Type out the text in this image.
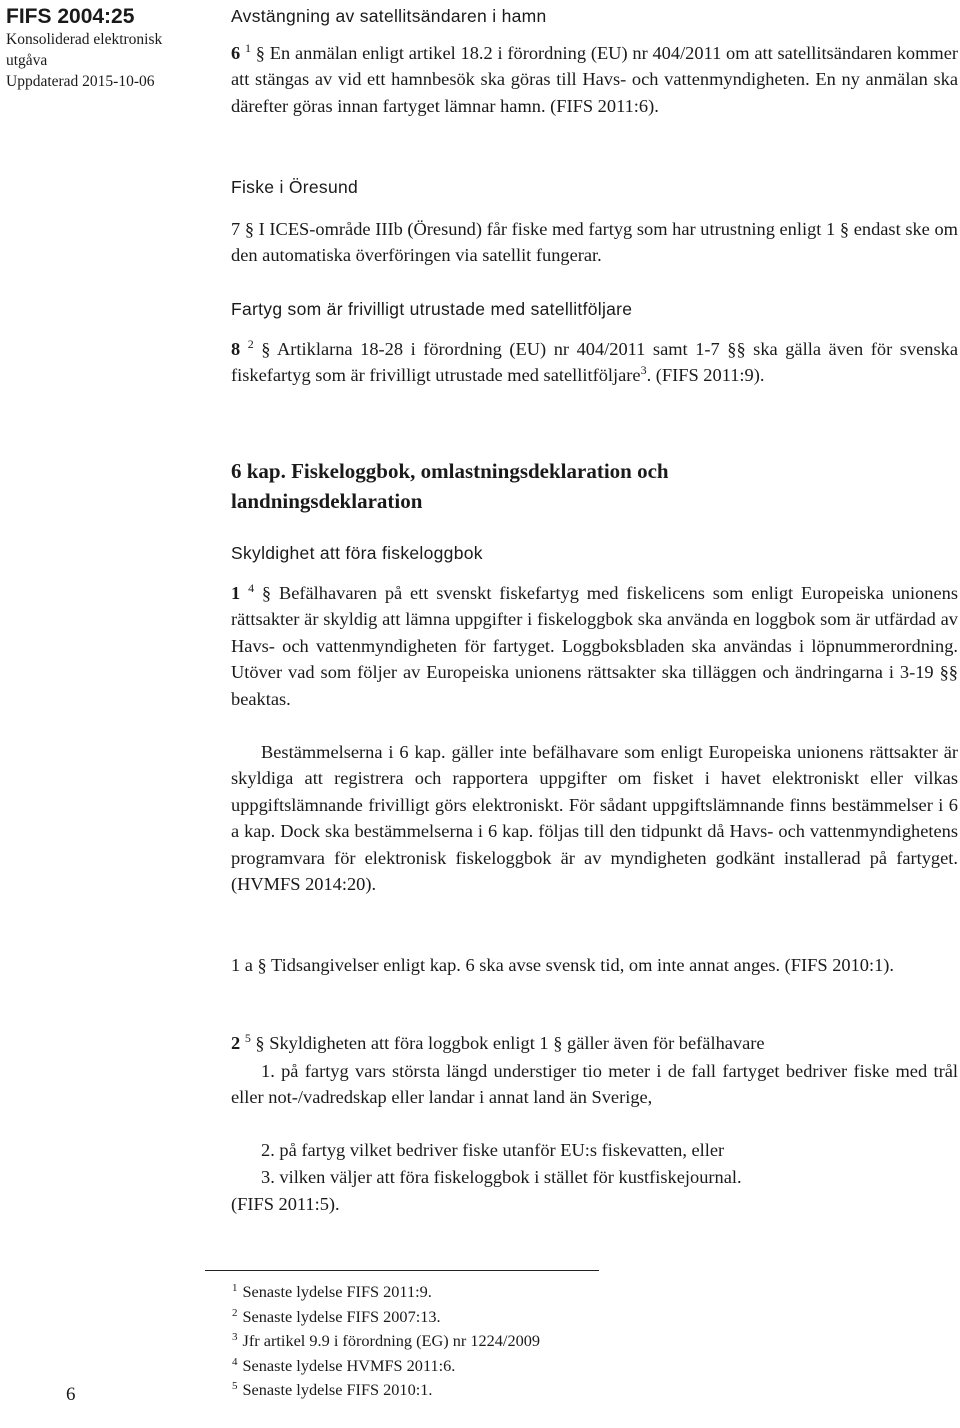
FIFS 2004:25
Konsoliderad elektronisk
utgåva
Uppdaterad 2015-10-06
6
Avstängning av satellitsändaren i hamn

6 $^1$ § En anmälan enligt artikel 18.2 i förordning (EU) nr 404/2011 om att satellitsändaren kommer att stängas av vid ett hamnbesök ska göras till Havs- och vattenmyndigheten. En ny anmälan ska därefter göras innan fartyget lämnar hamn. (FIFS 2011:6).

Fiske i Öresund

7 § I ICES-område IIIb (Öresund) får fiske med fartyg som har utrustning enligt 1 § endast ske om den automatiska överföringen via satellit fungerar.

Fartyg som är frivilligt utrustade med satellitföljare

8 $^2$ § Artiklarna 18-28 i förordning (EU) nr 404/2011 samt 1-7 §§ ska gälla även för svenska fiskefartyg som är frivilligt utrustade med satellitföljare$^3$. (FIFS 2011:9).

6 kap. Fiskeloggbok, omlastningsdeklaration och landningsdeklaration
Skyldighet att föra fiskeloggbok

1 $^4$ § Befälhavaren på ett svenskt fiskefartyg med fiskelicens som enligt Europeiska unionens rättsakter är skyldig att lämna uppgifter i fiskeloggbok ska använda en loggbok som är utfärdad av Havs- och vattenmyndigheten för fartyget. Loggboksbladen ska användas i löpnummerordning. Utöver vad som följer av Europeiska unionens rättsakter ska tilläggen och ändringarna i 3-19 §§ beaktas.

Bestämmelserna i 6 kap. gäller inte befälhavare som enligt Europeiska unionens rättsakter är skyldiga att registrera och rapportera uppgifter om fisket i havet elektroniskt eller vilkas uppgiftslämnande frivilligt görs elektroniskt. För sådant uppgiftslämnande finns bestämmelser i 6 a kap. Dock ska bestämmelserna i 6 kap. följas till den tidpunkt då Havs- och vattenmyndighetens programvara för elektronisk fiskeloggbok är av myndigheten godkänt installerad på fartyget. (HVMFS 2014:20).

1 a § Tidsangivelser enligt kap. 6 ska avse svensk tid, om inte annat anges. (FIFS 2010:1).

2 $^5$ § Skyldigheten att föra loggbok enligt 1 § gäller även för befälhavare

1. på fartyg vars största längd understiger tio meter i de fall fartyget bedriver fiske med trål eller not-/vadredskap eller landar i annat land än Sverige,

2. på fartyg vilket bedriver fiske utanför EU:s fiskevatten, eller

3. vilken väljer att föra fiskeloggbok i stället för kustfiskejournal.

(FIFS 2011:5).

$^1$ Senaste lydelse FIFS 2011:9.
$^2$ Senaste lydelse FIFS 2007:13.
$^3$ Jfr artikel 9.9 i förordning (EG) nr 1224/2009
$^4$ Senaste lydelse HVMFS 2011:6.
$^5$ Senaste lydelse FIFS 2010:1.
